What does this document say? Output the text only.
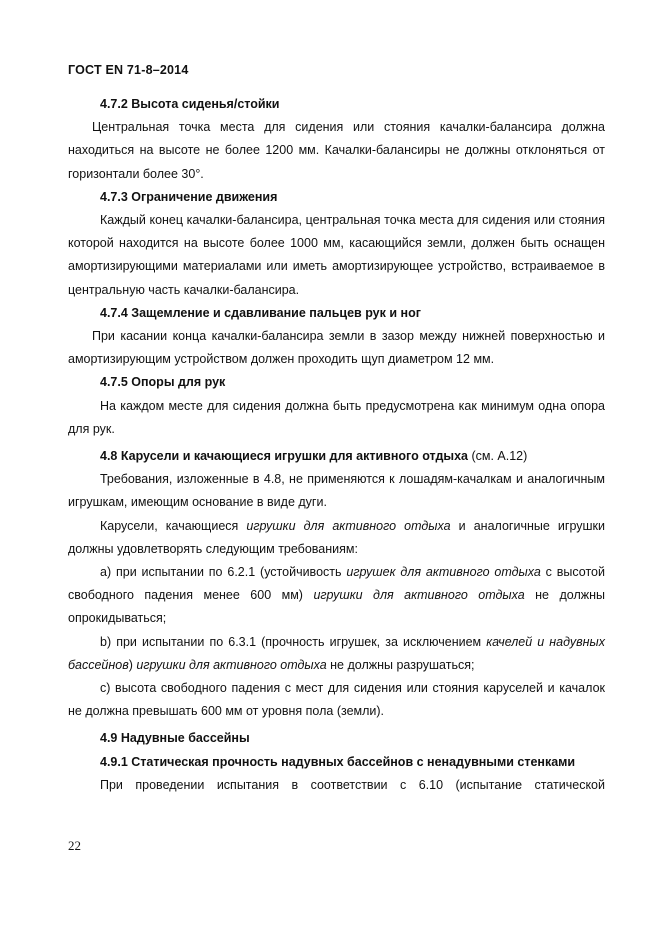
ГОСТ EN 71-8–2014

4.7.2 Высота сиденья/стойки

Центральная точка места для сидения или стояния качалки-балансира должна находиться на высоте не более 1200 мм. Качалки-балансиры не должны отклоняться от горизонтали более 30°.

4.7.3 Ограничение движения

Каждый конец качалки-балансира, центральная точка места для сидения или стояния которой находится на высоте более 1000 мм, касающийся земли, должен быть оснащен амортизирующими материалами или иметь амортизирующее устройство, встраиваемое в центральную часть качалки-балансира.

4.7.4 Защемление и сдавливание пальцев рук и ног

При касании конца качалки-балансира земли в зазор между нижней поверхностью и амортизирующим устройством должен проходить щуп диаметром 12 мм.

4.7.5 Опоры для рук

На каждом месте для сидения должна быть предусмотрена как минимум одна опора для рук.

4.8 Карусели и качающиеся игрушки для активного отдыха (см. А.12)

Требования, изложенные в 4.8, не применяются к лошадям-качалкам и аналогичным игрушкам, имеющим основание в виде дуги.

Карусели, качающиеся игрушки для активного отдыха и аналогичные игрушки должны удовлетворять следующим требованиям:

a) при испытании по 6.2.1 (устойчивость игрушек для активного отдыха с высотой свободного падения менее 600 мм) игрушки для активного отдыха не должны опрокидываться;

b) при испытании по 6.3.1 (прочность игрушек, за исключением качелей и надувных бассейнов) игрушки для активного отдыха не должны разрушаться;

c) высота свободного падения с мест для сидения или стояния каруселей и качалок не должна превышать 600 мм от уровня пола (земли).

4.9 Надувные бассейны

4.9.1 Статическая прочность надувных бассейнов с ненадувными стенками

При проведении испытания в соответствии с 6.10 (испытание статической

22
